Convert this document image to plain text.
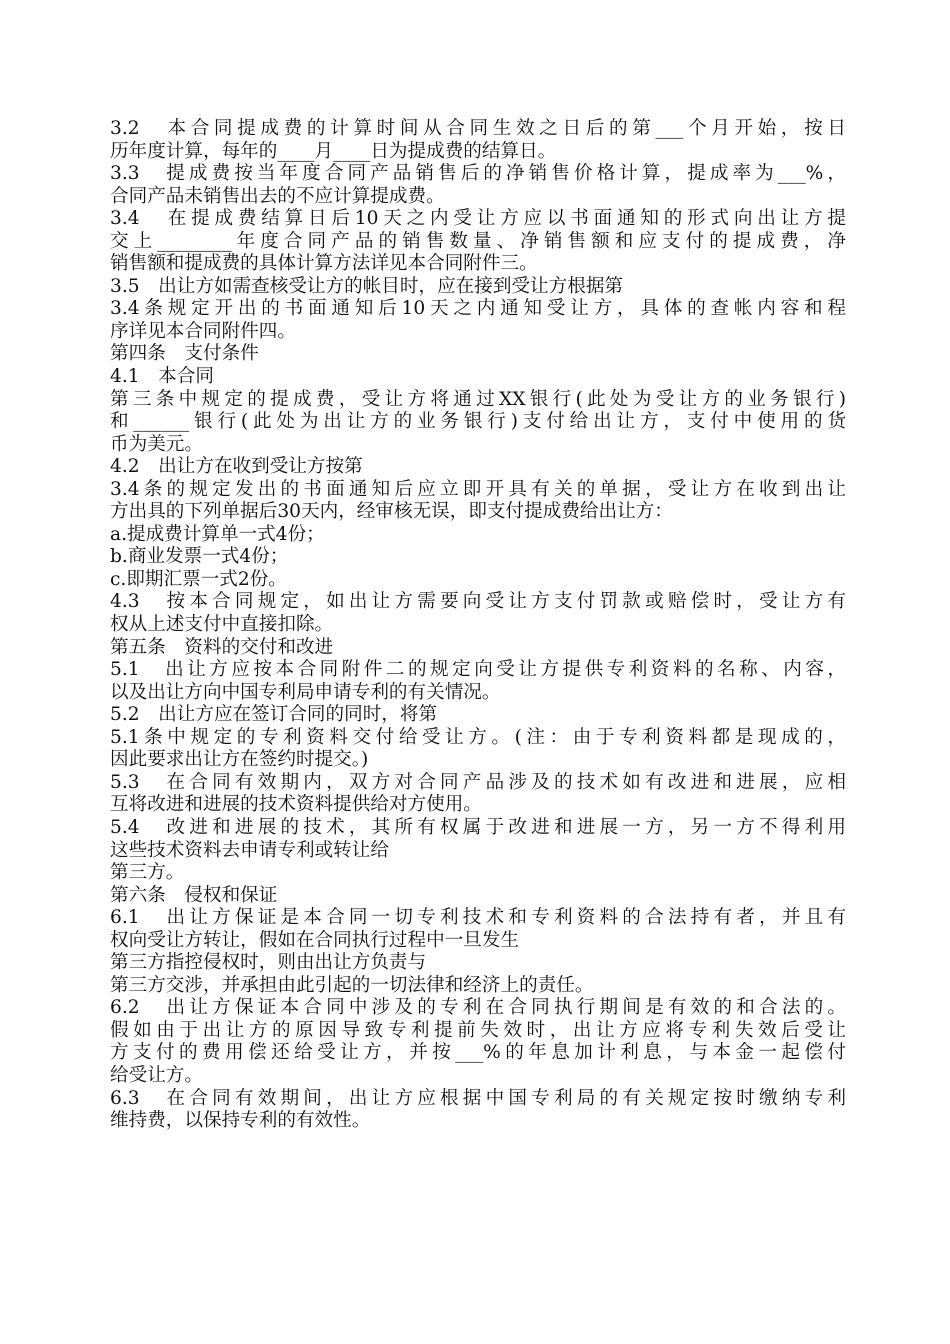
3.2　本合同提成费的计算时间从合同生效之日后的第___个月开始，按日
历年度计算，每年的____月____日为提成费的结算日。
3.3　提成费按当年度合同产品销售后的净销售价格计算，提成率为___%，
合同产品未销售出去的不应计算提成费。
3.4　在提成费结算日后10天之内受让方应以书面通知的形式向出让方提
交上________年度合同产品的销售数量、净销售额和应支付的提成费，净
销售额和提成费的具体计算方法详见本合同附件三。
3.5　出让方如需查核受让方的帐目时，应在接到受让方根据第
3.4条规定开出的书面通知后10天之内通知受让方，具体的查帐内容和程
序详见本合同附件四。
第四条　支付条件
4.1　本合同
第三条中规定的提成费，受让方将通过XX银行(此处为受让方的业务银行)
和______银行(此处为出让方的业务银行)支付给出让方，支付中使用的货
币为美元。
4.2　出让方在收到受让方按第
3.4条的规定发出的书面通知后应立即开具有关的单据，受让方在收到出让
方出具的下列单据后30天内，经审核无误，即支付提成费给出让方：
a.提成费计算单一式4份；
b.商业发票一式4份；
c.即期汇票一式2份。
4.3　按本合同规定，如出让方需要向受让方支付罚款或赔偿时，受让方有
权从上述支付中直接扣除。
第五条　资料的交付和改进
5.1　出让方应按本合同附件二的规定向受让方提供专利资料的名称、内容，
以及出让方向中国专利局申请专利的有关情况。
5.2　出让方应在签订合同的同时，将第
5.1条中规定的专利资料交付给受让方。(注：由于专利资料都是现成的，
因此要求出让方在签约时提交。)
5.3　在合同有效期内，双方对合同产品涉及的技术如有改进和进展，应相
互将改进和进展的技术资料提供给对方使用。
5.4　改进和进展的技术，其所有权属于改进和进展一方，另一方不得利用
这些技术资料去申请专利或转让给
第三方。
第六条　侵权和保证
6.1　出让方保证是本合同一切专利技术和专利资料的合法持有者，并且有
权向受让方转让，假如在合同执行过程中一旦发生
第三方指控侵权时，则由出让方负责与
第三方交涉，并承担由此引起的一切法律和经济上的责任。
6.2　出让方保证本合同中涉及的专利在合同执行期间是有效的和合法的。
假如由于出让方的原因导致专利提前失效时，出让方应将专利失效后受让
方支付的费用偿还给受让方，并按___%的年息加计利息，与本金一起偿付
给受让方。
6.3　在合同有效期间，出让方应根据中国专利局的有关规定按时缴纳专利
维持费，以保持专利的有效性。
